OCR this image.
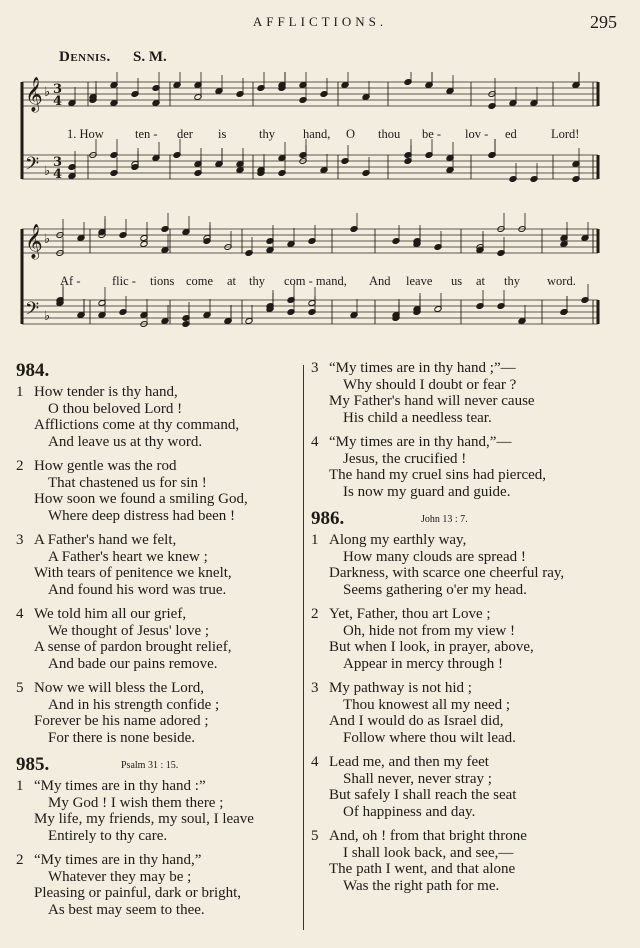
AFFLICTIONS.	295
Dennis. S. M.
𝄞 ♭ 3
4
𝄢 ♭
3
4
𝄞 ♭
𝄢 ♭
1. How ten - der is	thy hand, O thou be - lov - ed	Lord!
Af -	flic - tions come at thy com - mand, And leave us at thy word.
984.
1 How tender is thy hand,
O thou beloved Lord !
Afflictions come at thy command,
And leave us at thy word.
2 How gentle was the rod
That chastened us for sin !
How soon we found a smiling God,
Where deep distress had been !
3 A Father's hand we felt,
A Father's heart we knew ;
With tears of penitence we knelt,
And found his word was true.
4 We told him all our grief,
We thought of Jesus' love ;
A sense of pardon brought relief,
And bade our pains remove.
5 Now we will bless the Lord,
And in his strength confide ;
Forever be his name adored ;
For there is none beside.
985.	Psalm 31 : 15.
1 “My times are in thy hand :”
My God ! I wish them there ;
My life, my friends, my soul, I leave
Entirely to thy care.
2 “My times are in thy hand,”
Whatever they may be ;
Pleasing or painful, dark or bright,
As best may seem to thee.
3 “My times are in thy hand ;”—
Why should I doubt or fear ?
My Father's hand will never cause
His child a needless tear.
4 “My times are in thy hand,”—
Jesus, the crucified !
The hand my cruel sins had pierced,
Is now my guard and guide.
986.	John 13 : 7.
1 Along my earthly way,
How many clouds are spread !
Darkness, with scarce one cheerful ray,
Seems gathering o'er my head.
2 Yet, Father, thou art Love ;
Oh, hide not from my view !
But when I look, in prayer, above,
Appear in mercy through !
3 My pathway is not hid ;
Thou knowest all my need ;
And I would do as Israel did,
Follow where thou wilt lead.
4 Lead me, and then my feet
Shall never, never stray ;
But safely I shall reach the seat
Of happiness and day.
5 And, oh ! from that bright throne
I shall look back, and see,—
The path I went, and that alone
Was the right path for me.
